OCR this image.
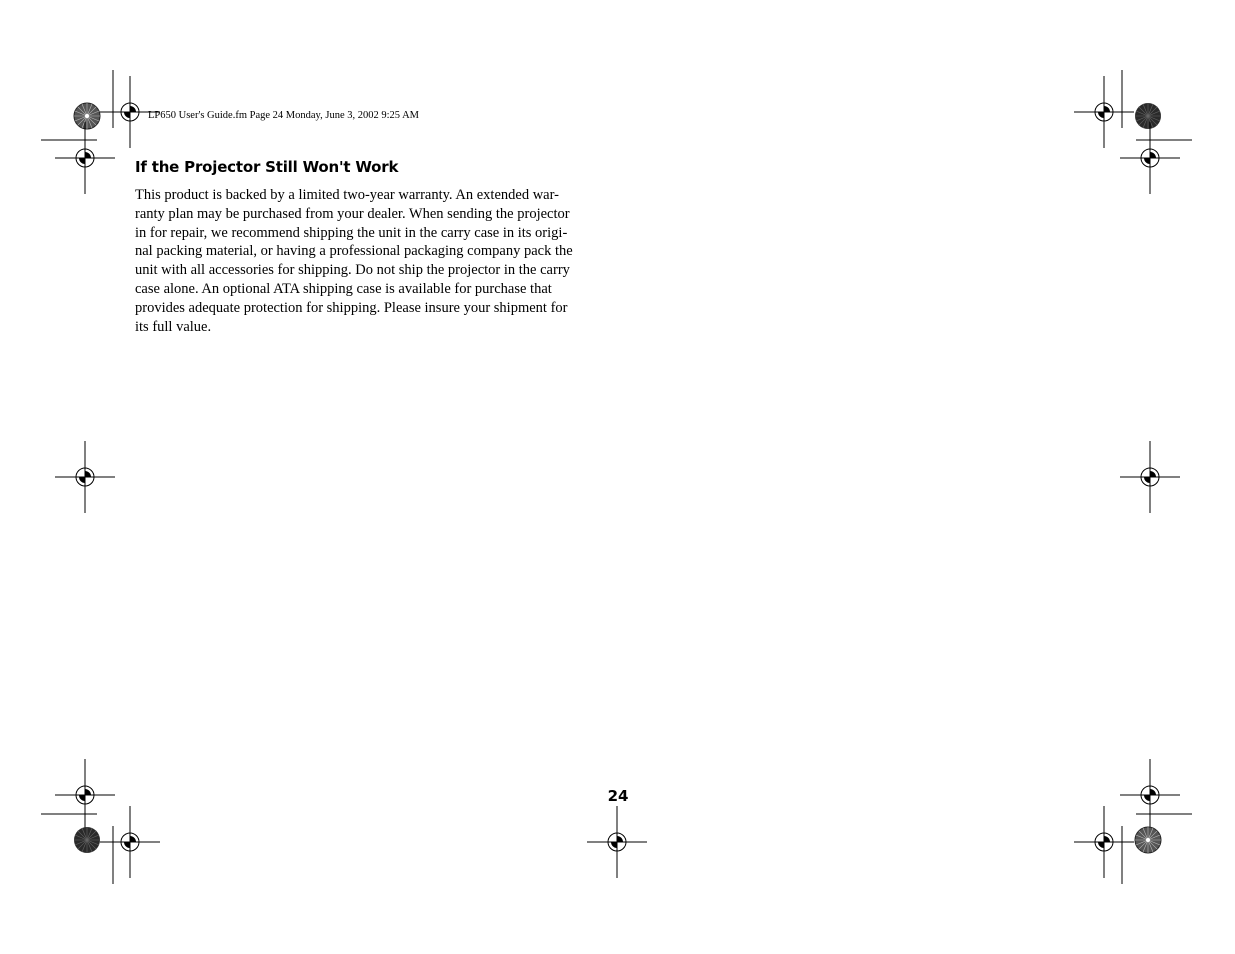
LP650 User's Guide.fm Page 24 Monday, June 3, 2002 9:25 AM
If the Projector Still Won't Work
This product is backed by a limited two-year warranty. An extended war-
ranty plan may be purchased from your dealer. When sending the projector
in for repair, we recommend shipping the unit in the carry case in its origi-
nal packing material, or having a professional packaging company pack the
unit with all accessories for shipping. Do not ship the projector in the carry
case alone. An optional ATA shipping case is available for purchase that
provides adequate protection for shipping. Please insure your shipment for
its full value.
24
